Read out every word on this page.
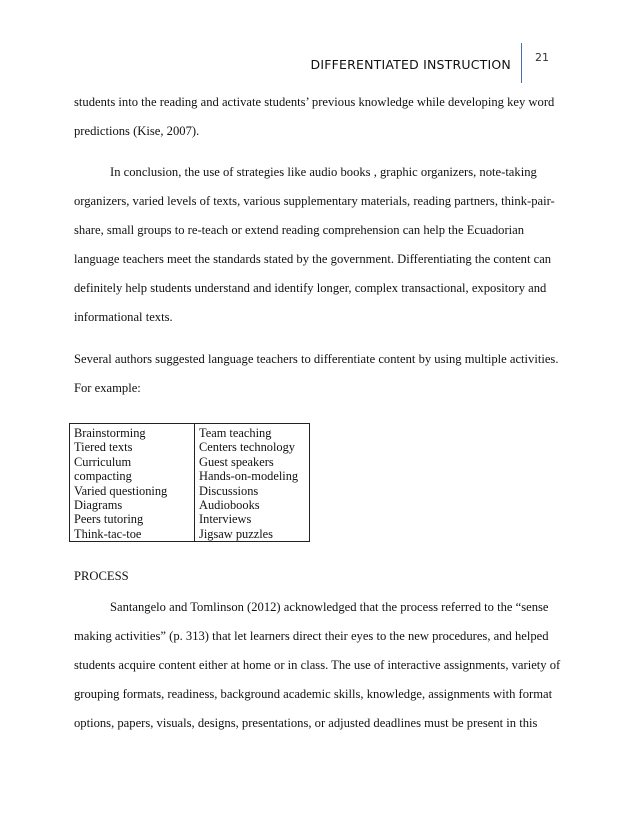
DIFFERENTIATED INSTRUCTION 21
students into the reading and activate students’ previous knowledge while developing key word
predictions (Kise, 2007).
In conclusion, the use of strategies like audio books , graphic organizers, note-taking
organizers, varied levels of texts, various supplementary materials, reading partners, think-pair-
share, small groups to re-teach or extend reading comprehension can help the Ecuadorian
language teachers meet the standards stated by the government. Differentiating the content can
definitely help students understand and identify longer, complex transactional, expository and
informational texts.
Several authors suggested language teachers to differentiate content by using multiple activities.
For example:
Brainstorming
Tiered texts
Curriculum
compacting
Varied questioning
Diagrams
Peers tutoring
Think-tac-toe
Team teaching
Centers technology
Guest speakers
Hands-on-modeling
Discussions
Audiobooks
Interviews
Jigsaw puzzles
PROCESS
Santangelo and Tomlinson (2012) acknowledged that the process referred to the “sense
making activities” (p. 313) that let learners direct their eyes to the new procedures, and helped
students acquire content either at home or in class. The use of interactive assignments, variety of
grouping formats, readiness, background academic skills, knowledge, assignments with format
options, papers, visuals, designs, presentations, or adjusted deadlines must be present in this
